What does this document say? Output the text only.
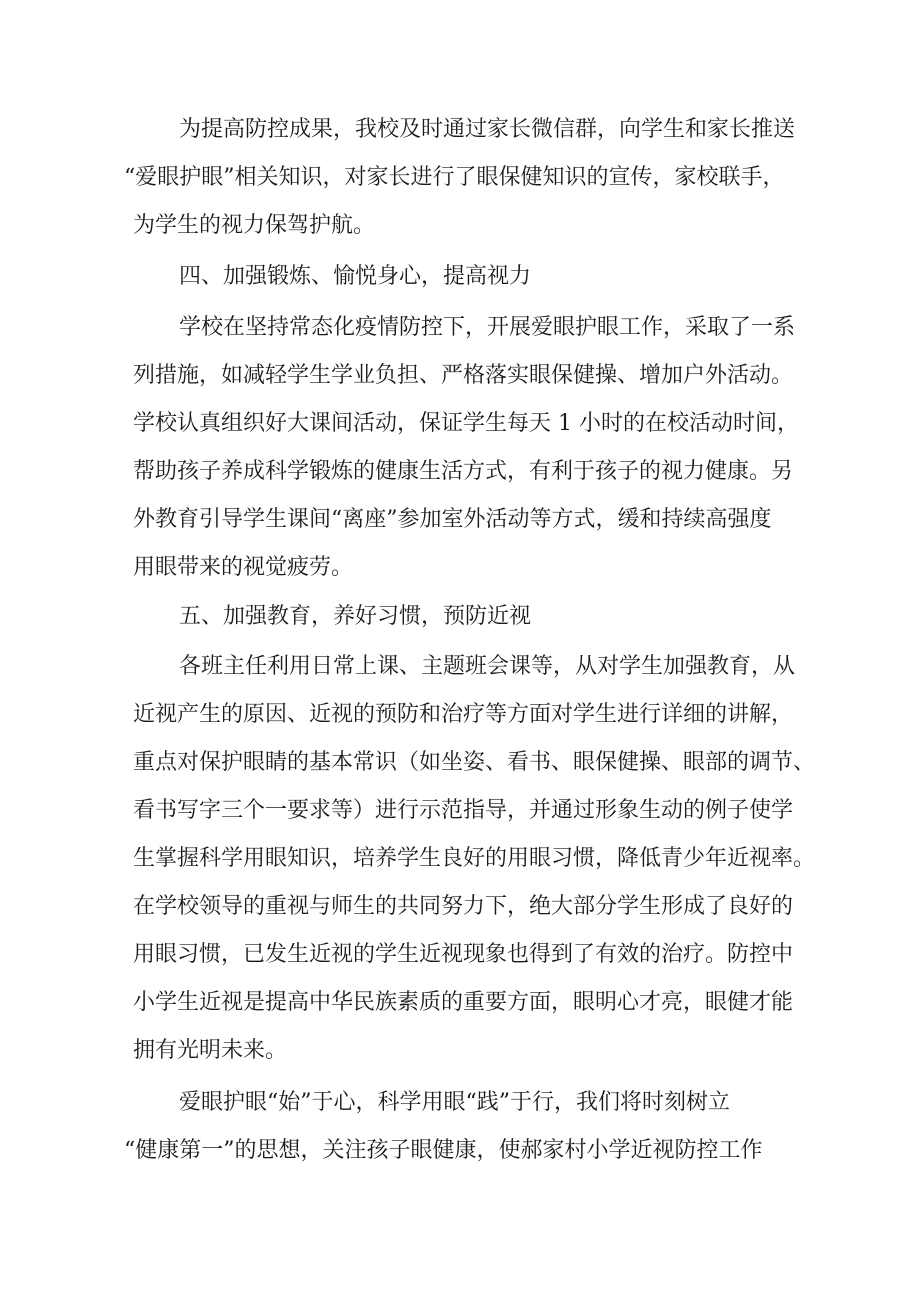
为提高防控成果，我校及时通过家长微信群，向学生和家长推送
“爱眼护眼”相关知识，对家长进行了眼保健知识的宣传，家校联手，
为学生的视力保驾护航。
四、加强锻炼、愉悦身心，提高视力
学校在坚持常态化疫情防控下，开展爱眼护眼工作，采取了一系
列措施，如减轻学生学业负担、严格落实眼保健操、增加户外活动。
学校认真组织好大课间活动，保证学生每天 1 小时的在校活动时间，
帮助孩子养成科学锻炼的健康生活方式，有利于孩子的视力健康。另
外教育引导学生课间“离座”参加室外活动等方式，缓和持续高强度
用眼带来的视觉疲劳。
五、加强教育，养好习惯，预防近视
各班主任利用日常上课、主题班会课等，从对学生加强教育，从
近视产生的原因、近视的预防和治疗等方面对学生进行详细的讲解，
重点对保护眼睛的基本常识（如坐姿、看书、眼保健操、眼部的调节、
看书写字三个一要求等）进行示范指导，并通过形象生动的例子使学
生掌握科学用眼知识，培养学生良好的用眼习惯，降低青少年近视率。
在学校领导的重视与师生的共同努力下，绝大部分学生形成了良好的
用眼习惯，已发生近视的学生近视现象也得到了有效的治疗。防控中
小学生近视是提高中华民族素质的重要方面，眼明心才亮，眼健才能
拥有光明未来。
爱眼护眼“始”于心，科学用眼“践”于行，我们将时刻树立
“健康第一”的思想，关注孩子眼健康，使郝家村小学近视防控工作
